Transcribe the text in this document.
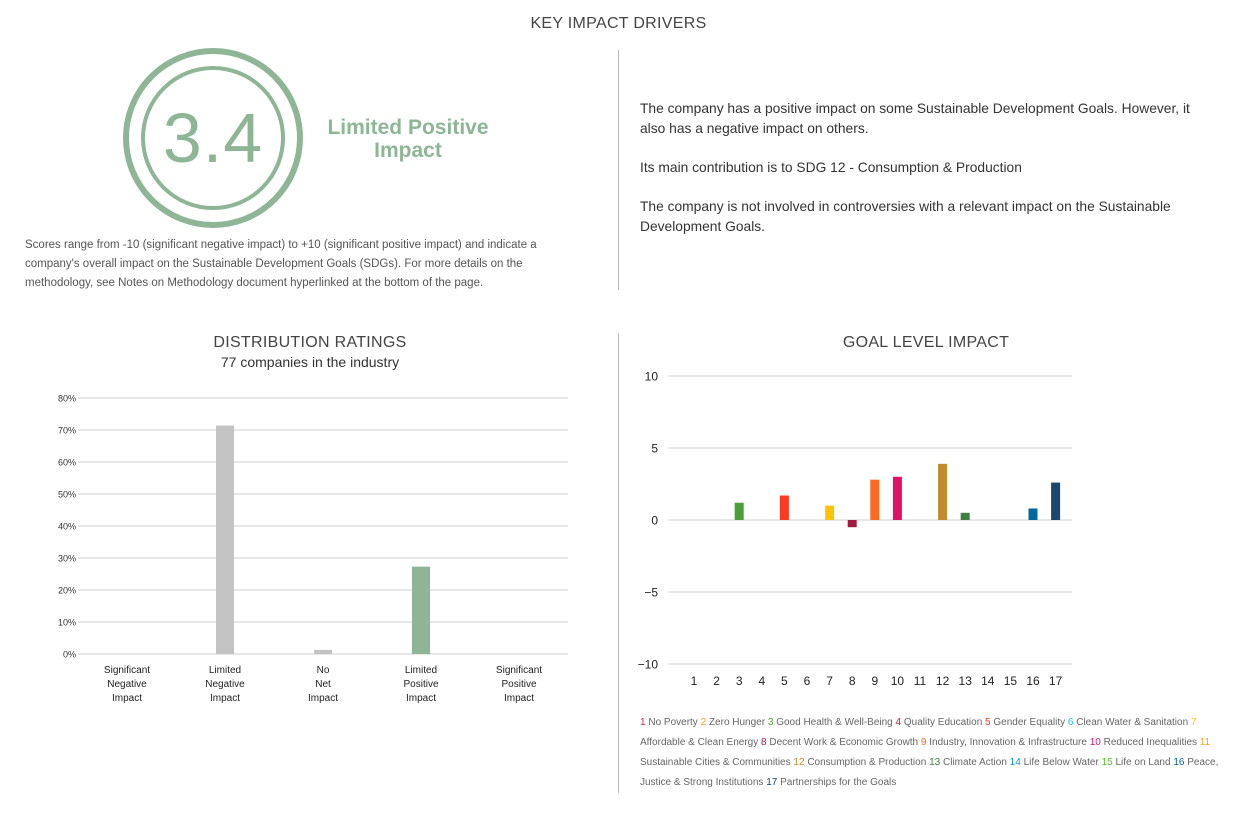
KEY IMPACT DRIVERS
3.4	Limited Positive
Impact
Scores range from -10 (significant negative impact) to +10 (significant positive impact) and indicate a company's overall impact on the Sustainable Development Goals (SDGs). For more details on the methodology, see Notes on Methodology document hyperlinked at the bottom of the page.

The company has a positive impact on some Sustainable Development Goals. However, it also has a negative impact on others.

Its main contribution is to SDG 12 - Consumption & Production

The company is not involved in controversies with a relevant impact on the Sustainable Development Goals.

DISTRIBUTION RATINGS
77 companies in the industry
0%
10%
20%
30%
40%
50%
60%
70%
80%
Significant Negative Impact
Limited Negative Impact
No Net Impact
Limited Positive Impact
Significant Positive Impact
GOAL LEVEL IMPACT
10
5
0
−5
−10
1 2 3 4 5 6 7 8 9 10 11 12 13 14 15 16 17
1 No Poverty 2 Zero Hunger 3 Good Health & Well-Being 4 Quality Education 5 Gender Equality 6 Clean Water & Sanitation 7 Affordable & Clean Energy 8 Decent Work & Economic Growth 9 Industry, Innovation & Infrastructure 10 Reduced Inequalities 11 Sustainable Cities & Communities 12 Consumption & Production 13 Climate Action 14 Life Below Water 15 Life on Land 16 Peace, Justice & Strong Institutions 17 Partnerships for the Goals
